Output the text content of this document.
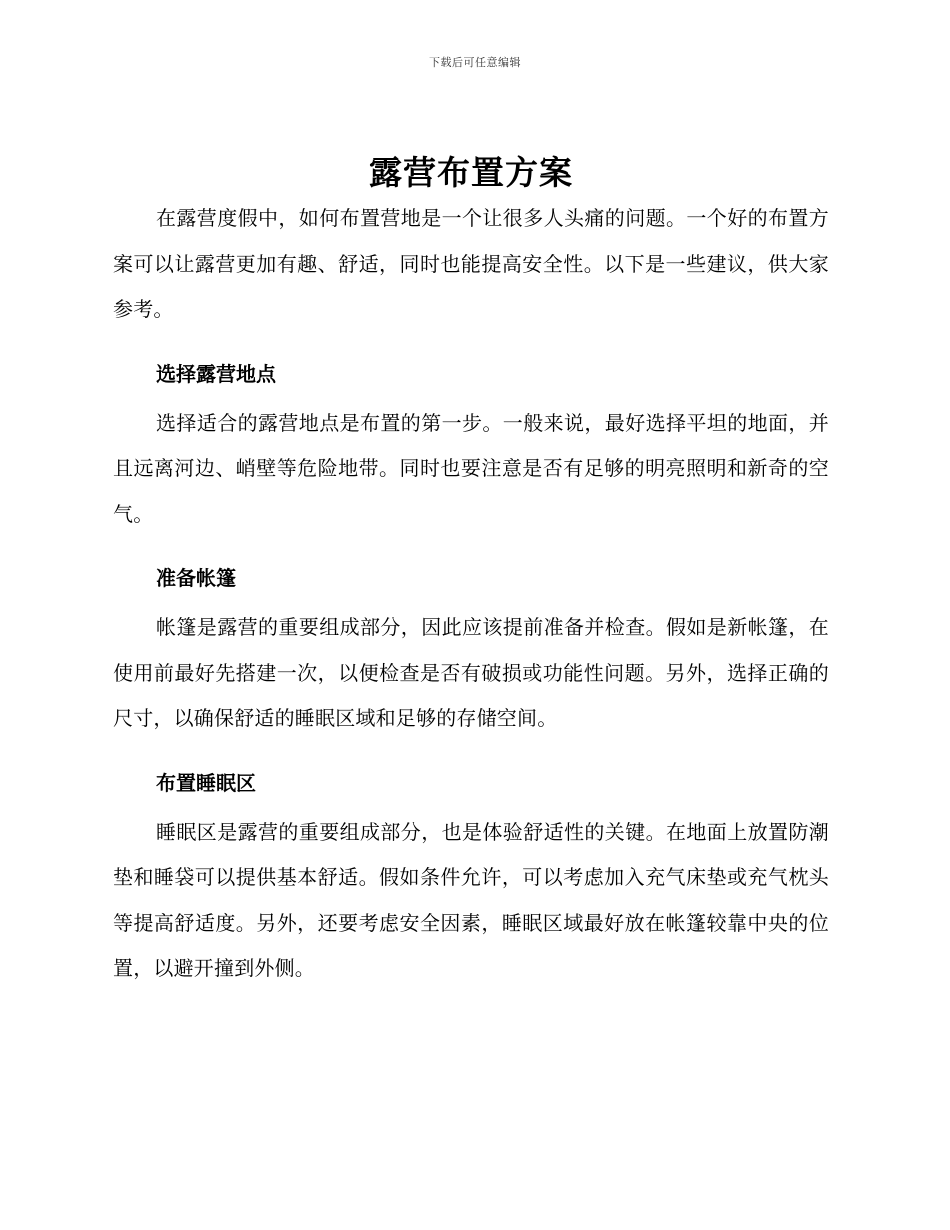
下载后可任意编辑
露营布置方案

在露营度假中，如何布置营地是一个让很多人头痛的问题。一个好的布置方案可以让露营更加有趣、舒适，同时也能提高安全性。以下是一些建议，供大家参考。

选择露营地点

选择适合的露营地点是布置的第一步。一般来说，最好选择平坦的地面，并且远离河边、峭壁等危险地带。同时也要注意是否有足够的明亮照明和新奇的空气。

准备帐篷

帐篷是露营的重要组成部分，因此应该提前准备并检查。假如是新帐篷，在使用前最好先搭建一次，以便检查是否有破损或功能性问题。另外，选择正确的尺寸，以确保舒适的睡眠区域和足够的存储空间。

布置睡眠区

睡眠区是露营的重要组成部分，也是体验舒适性的关键。在地面上放置防潮垫和睡袋可以提供基本舒适。假如条件允许，可以考虑加入充气床垫或充气枕头等提高舒适度。另外，还要考虑安全因素，睡眠区域最好放在帐篷较靠中央的位置，以避开撞到外侧。
